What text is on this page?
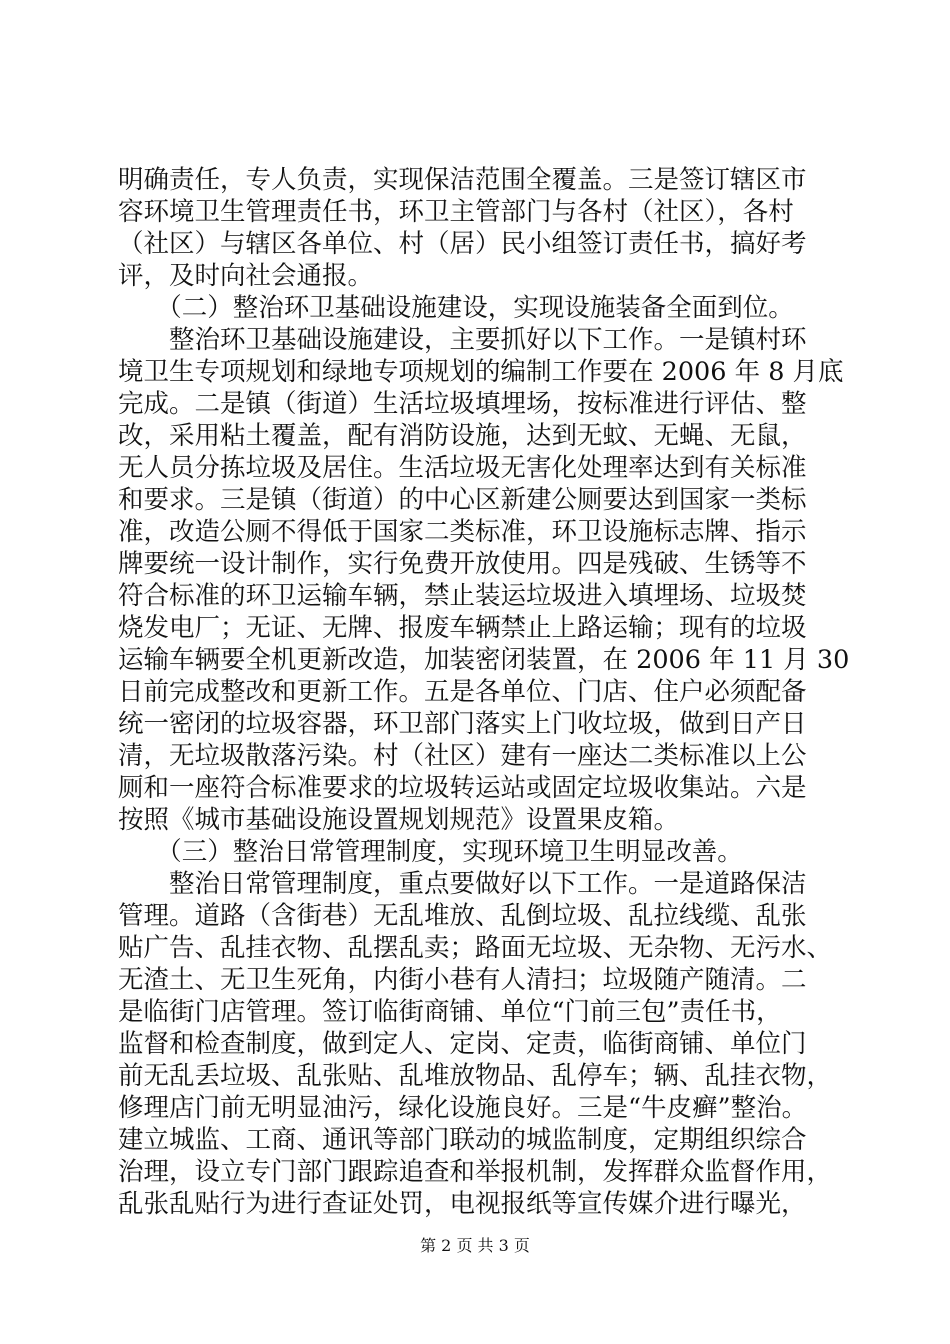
明确责任，专人负责，实现保洁范围全覆盖。三是签订辖区市
容环境卫生管理责任书，环卫主管部门与各村（社区），各村
（社区）与辖区各单位、村（居）民小组签订责任书，搞好考
评，及时向社会通报。
　　（二）整治环卫基础设施建设，实现设施装备全面到位。
　　整治环卫基础设施建设，主要抓好以下工作。一是镇村环
境卫生专项规划和绿地专项规划的编制工作要在 2006 年 8 月底
完成。二是镇（街道）生活垃圾填埋场，按标准进行评估、整
改，采用粘土覆盖，配有消防设施，达到无蚊、无蝇、无鼠，
无人员分拣垃圾及居住。生活垃圾无害化处理率达到有关标准
和要求。三是镇（街道）的中心区新建公厕要达到国家一类标
准，改造公厕不得低于国家二类标准，环卫设施标志牌、指示
牌要统一设计制作，实行免费开放使用。四是残破、生锈等不
符合标准的环卫运输车辆，禁止装运垃圾进入填埋场、垃圾焚
烧发电厂；无证、无牌、报废车辆禁止上路运输；现有的垃圾
运输车辆要全机更新改造，加装密闭装置，在 2006 年 11 月 30
日前完成整改和更新工作。五是各单位、门店、住户必须配备
统一密闭的垃圾容器，环卫部门落实上门收垃圾，做到日产日
清，无垃圾散落污染。村（社区）建有一座达二类标准以上公
厕和一座符合标准要求的垃圾转运站或固定垃圾收集站。六是
按照《城市基础设施设置规划规范》设置果皮箱。
　　（三）整治日常管理制度，实现环境卫生明显改善。
　　整治日常管理制度，重点要做好以下工作。一是道路保洁
管理。道路（含街巷）无乱堆放、乱倒垃圾、乱拉线缆、乱张
贴广告、乱挂衣物、乱摆乱卖；路面无垃圾、无杂物、无污水、
无渣土、无卫生死角，内街小巷有人清扫；垃圾随产随清。二
是临街门店管理。签订临街商铺、单位“门前三包”责任书，
监督和检查制度，做到定人、定岗、定责，临街商铺、单位门
前无乱丢垃圾、乱张贴、乱堆放物品、乱停车；辆、乱挂衣物，
修理店门前无明显油污，绿化设施良好。三是“牛皮癣”整治。
建立城监、工商、通讯等部门联动的城监制度，定期组织综合
治理，设立专门部门跟踪追查和举报机制，发挥群众监督作用，
乱张乱贴行为进行查证处罚，电视报纸等宣传媒介进行曝光，
第 2 页 共 3 页
